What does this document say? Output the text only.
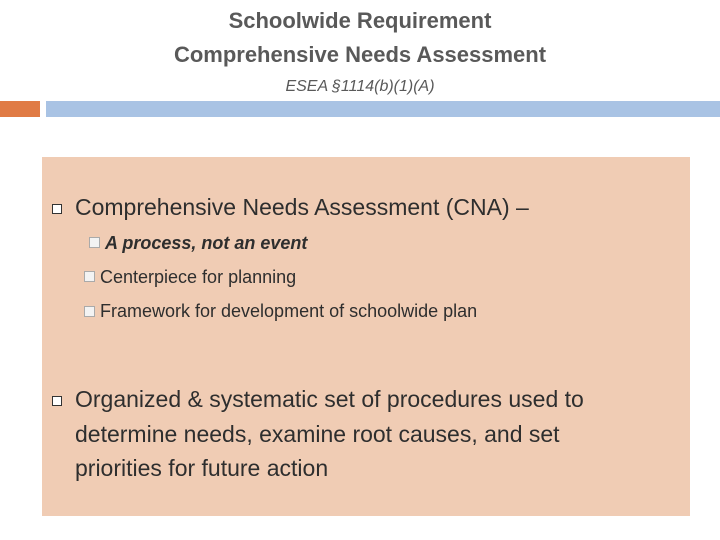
Schoolwide Requirement
Comprehensive Needs Assessment
ESEA §1114(b)(1)(A)
Comprehensive Needs Assessment (CNA) –
A process, not an event
Centerpiece for planning
Framework for development of schoolwide plan
Organized & systematic set of procedures used to
determine needs, examine root causes, and set
priorities for future action
